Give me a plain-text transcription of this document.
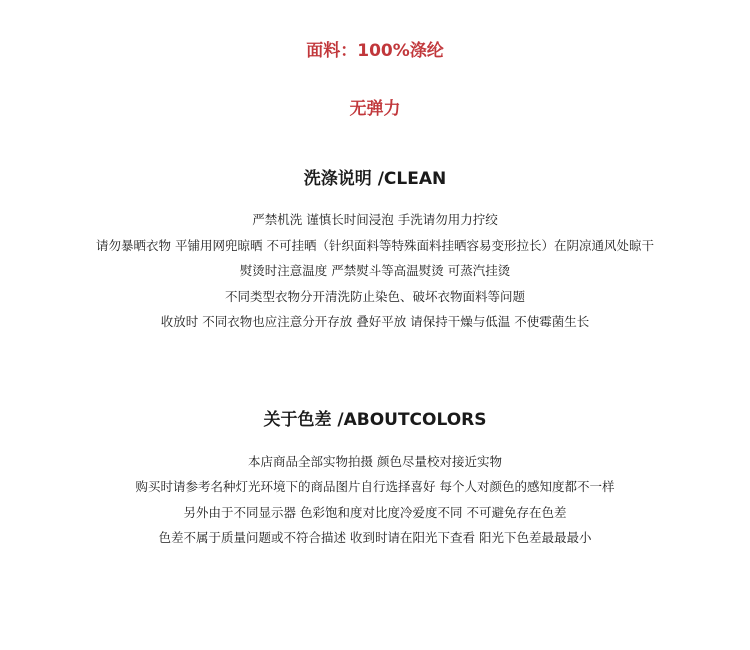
面料：100%涤纶
无弹力
洗涤说明 /CLEAN
严禁机洗 谨慎长时间浸泡 手洗请勿用力拧绞
请勿暴晒衣物 平铺用网兜晾晒 不可挂晒（针织面料等特殊面料挂晒容易变形拉长）在阴凉通风处晾干
熨烫时注意温度 严禁熨斗等高温熨烫 可蒸汽挂烫
不同类型衣物分开清洗防止染色、破坏衣物面料等问题
收放时 不同衣物也应注意分开存放 叠好平放 请保持干燥与低温 不使霉菌生长
关于色差 /ABOUTCOLORS
本店商品全部实物拍摄 颜色尽量校对接近实物
购买时请参考名种灯光环境下的商品图片自行选择喜好 每个人对颜色的感知度都不一样
另外由于不同显示器 色彩饱和度对比度冷爱度不同 不可避免存在色差
色差不属于质量问题或不符合描述 收到时请在阳光下查看 阳光下色差最最最小
